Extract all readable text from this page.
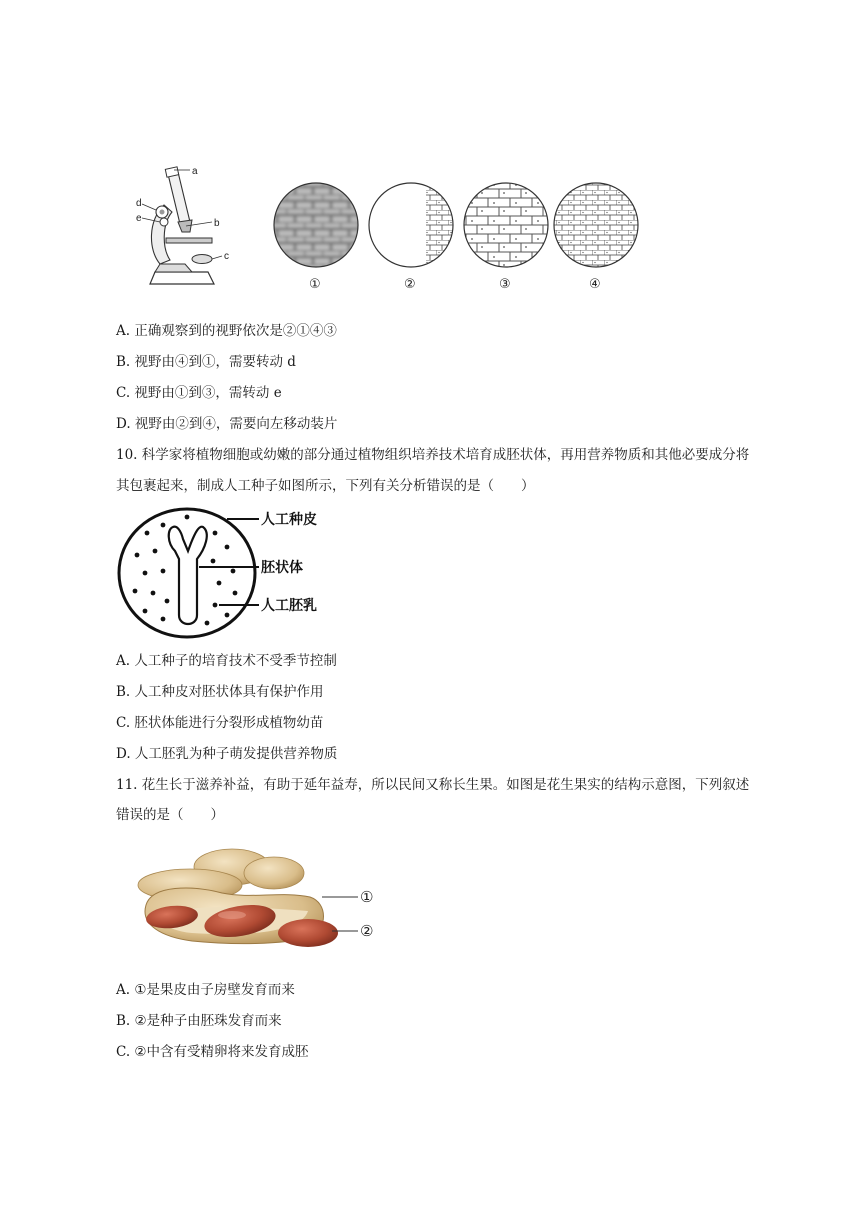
a
b
c
d
e
①	②	③	④
A. 正确观察到的视野依次是②①④③
B. 视野由④到①，需要转动 d
C. 视野由①到③，需转动 e
D. 视野由②到④，需要向左移动装片
10. 科学家将植物细胞或幼嫩的部分通过植物组织培养技术培育成胚状体，再用营养物质和其他必要成分将
其包裹起来，制成人工种子如图所示，下列有关分析错误的是（　　）
人工种皮
胚状体
人工胚乳
A. 人工种子的培育技术不受季节控制
B. 人工种皮对胚状体具有保护作用
C. 胚状体能进行分裂形成植物幼苗
D. 人工胚乳为种子萌发提供营养物质
11. 花生长于滋养补益，有助于延年益寿，所以民间又称长生果。如图是花生果实的结构示意图，下列叙述
错误的是（　　）
①
②
A. ①是果皮由子房壁发育而来
B. ②是种子由胚珠发育而来
C. ②中含有受精卵将来发育成胚
